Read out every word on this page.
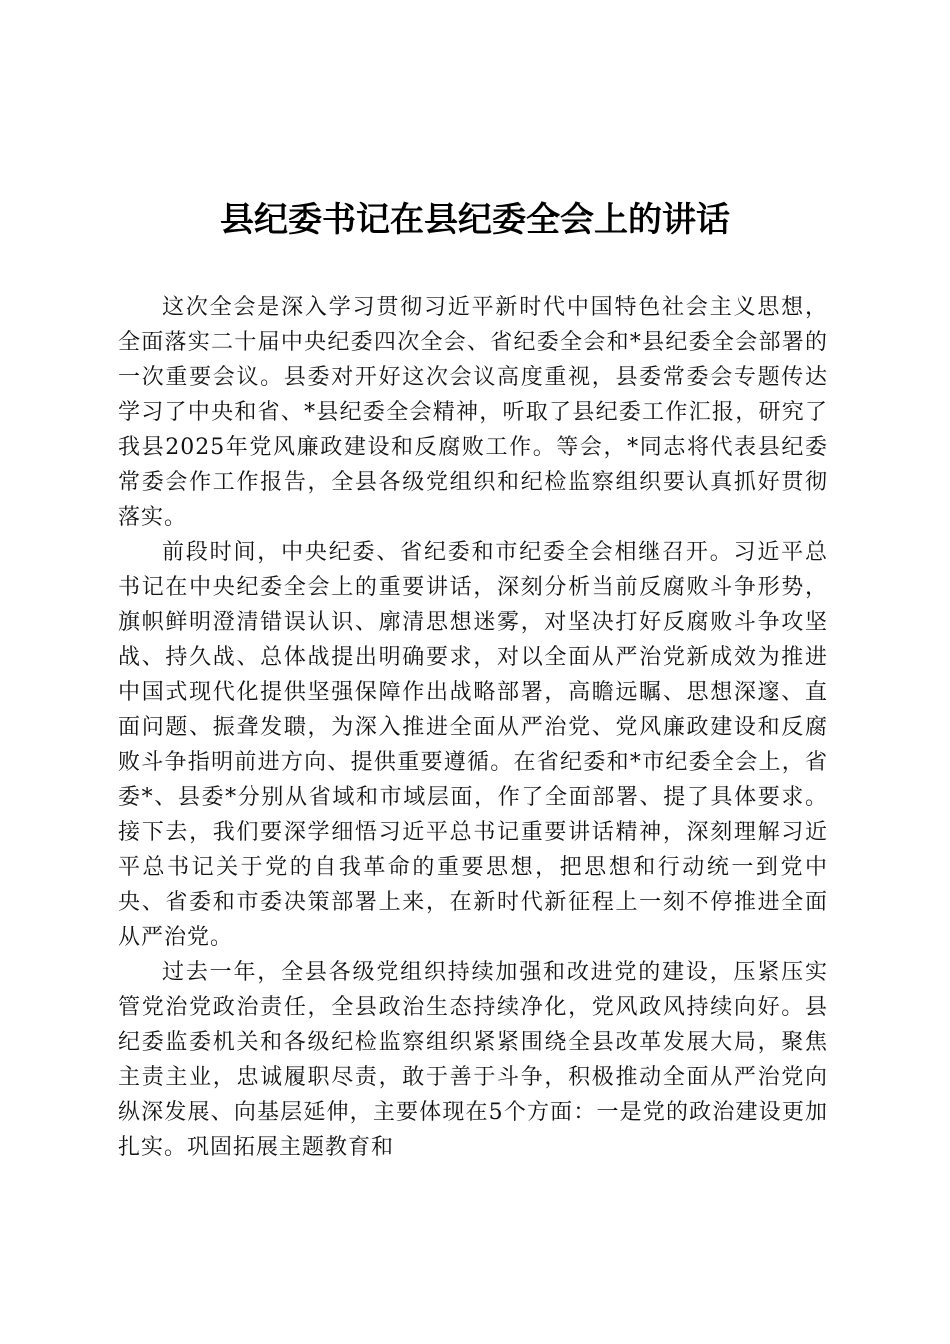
县纪委书记在县纪委全会上的讲话

这次全会是深入学习贯彻习近平新时代中国特色社会主义思想，全面落实二十届中央纪委四次全会、省纪委全会和*县纪委全会部署的一次重要会议。县委对开好这次会议高度重视，县委常委会专题传达学习了中央和省、*县纪委全会精神，听取了县纪委工作汇报，研究了我县2025年党风廉政建设和反腐败工作。等会，*同志将代表县纪委常委会作工作报告，全县各级党组织和纪检监察组织要认真抓好贯彻落实。

前段时间，中央纪委、省纪委和市纪委全会相继召开。习近平总书记在中央纪委全会上的重要讲话，深刻分析当前反腐败斗争形势，旗帜鲜明澄清错误认识、廓清思想迷雾，对坚决打好反腐败斗争攻坚战、持久战、总体战提出明确要求，对以全面从严治党新成效为推进中国式现代化提供坚强保障作出战略部署，高瞻远瞩、思想深邃、直面问题、振聋发聩，为深入推进全面从严治党、党风廉政建设和反腐败斗争指明前进方向、提供重要遵循。在省纪委和*市纪委全会上，省委*、县委*分别从省域和市域层面，作了全面部署、提了具体要求。接下去，我们要深学细悟习近平总书记重要讲话精神，深刻理解习近平总书记关于党的自我革命的重要思想，把思想和行动统一到党中央、省委和市委决策部署上来，在新时代新征程上一刻不停推进全面从严治党。

过去一年，全县各级党组织持续加强和改进党的建设，压紧压实管党治党政治责任，全县政治生态持续净化，党风政风持续向好。县纪委监委机关和各级纪检监察组织紧紧围绕全县改革发展大局，聚焦主责主业，忠诚履职尽责，敢于善于斗争，积极推动全面从严治党向纵深发展、向基层延伸，主要体现在5个方面：一是党的政治建设更加扎实。巩固拓展主题教育和
